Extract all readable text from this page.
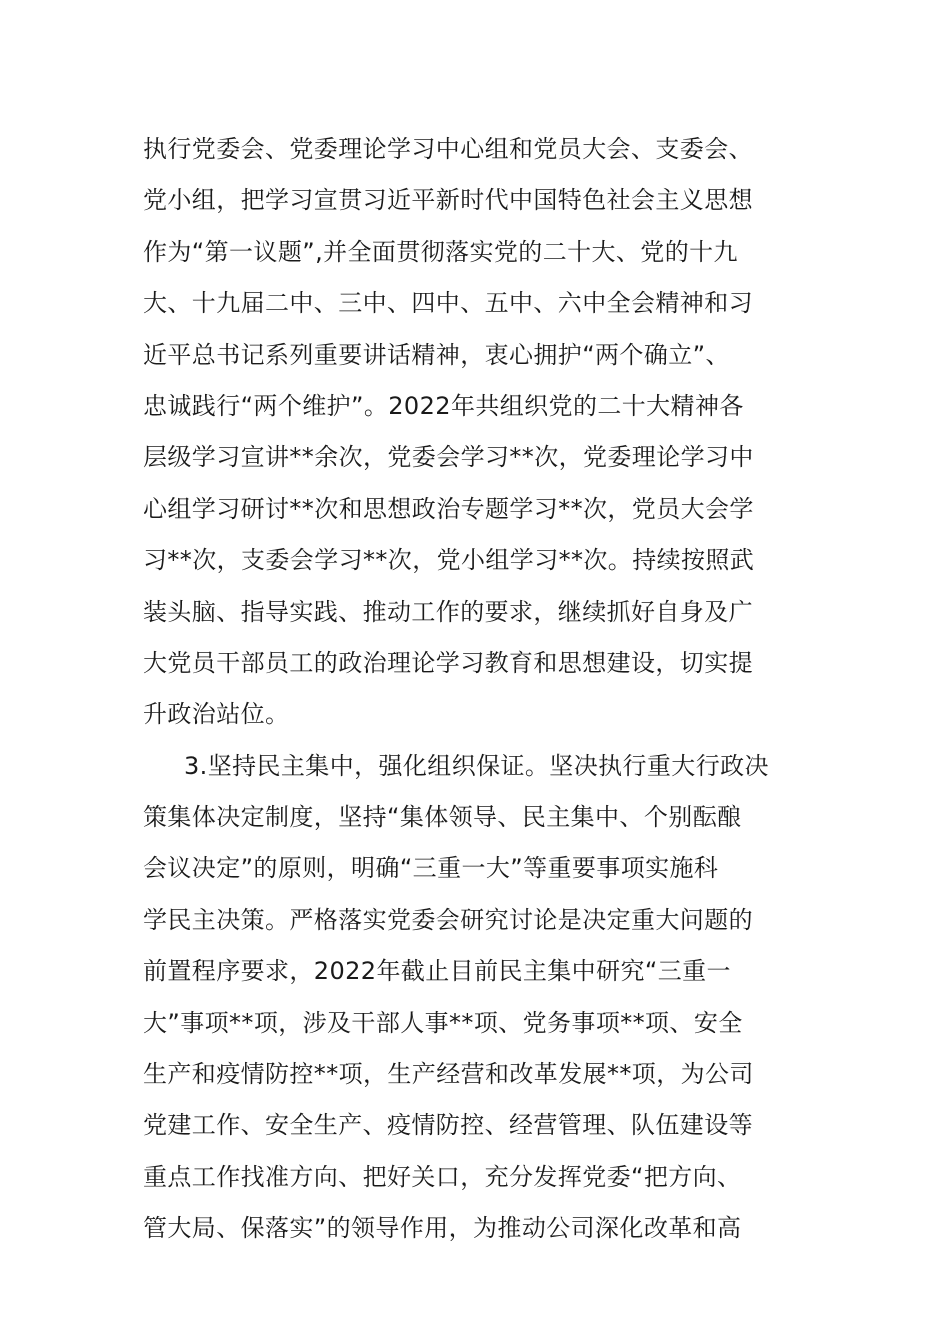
执行党委会、党委理论学习中心组和党员大会、支委会、
党小组，把学习宣贯习近平新时代中国特色社会主义思想
作为“第一议题”,并全面贯彻落实党的二十大、党的十九
大、十九届二中、三中、四中、五中、六中全会精神和习
近平总书记系列重要讲话精神，衷心拥护“两个确立”、
忠诚践行“两个维护”。2022年共组织党的二十大精神各
层级学习宣讲**余次，党委会学习**次，党委理论学习中
心组学习研讨**次和思想政治专题学习**次，党员大会学
习**次，支委会学习**次，党小组学习**次。持续按照武
装头脑、指导实践、推动工作的要求，继续抓好自身及广
大党员干部员工的政治理论学习教育和思想建设，切实提
升政治站位。
3.坚持民主集中，强化组织保证。坚决执行重大行政决
策集体决定制度，坚持“集体领导、民主集中、个别酝酿
会议决定”的原则，明确“三重一大”等重要事项实施科
学民主决策。严格落实党委会研究讨论是决定重大问题的
前置程序要求，2022年截止目前民主集中研究“三重一
大”事项**项，涉及干部人事**项、党务事项**项、安全
生产和疫情防控**项，生产经营和改革发展**项，为公司
党建工作、安全生产、疫情防控、经营管理、队伍建设等
重点工作找准方向、把好关口，充分发挥党委“把方向、
管大局、保落实”的领导作用，为推动公司深化改革和高
